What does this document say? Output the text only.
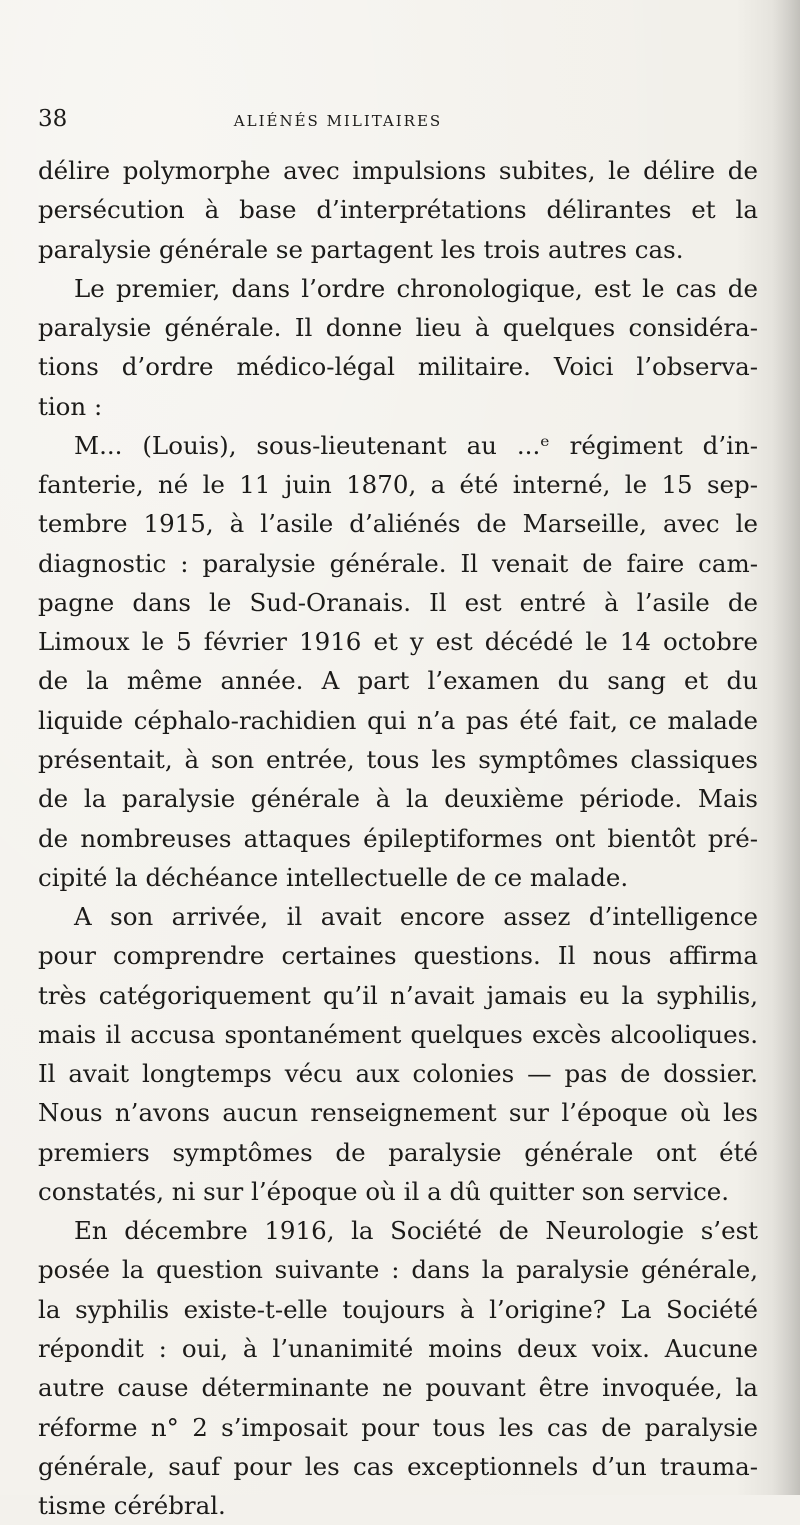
38	ALIÉNÉS MILITAIRES
délire polymorphe avec impulsions subites, le délire de
persécution à base d’interprétations délirantes et la
paralysie générale se partagent les trois autres cas.
Le premier, dans l’ordre chronologique, est le cas de
paralysie générale. Il donne lieu à quelques considéra-
tions d’ordre médico-légal militaire. Voici l’observa-
tion :
M... (Louis), sous-lieutenant au ...ᵉ régiment d’in-
fanterie, né le 11 juin 1870, a été interné, le 15 sep-
tembre 1915, à l’asile d’aliénés de Marseille, avec le
diagnostic : paralysie générale. Il venait de faire cam-
pagne dans le Sud-Oranais. Il est entré à l’asile de
Limoux le 5 février 1916 et y est décédé le 14 octobre
de la même année. A part l’examen du sang et du
liquide céphalo-rachidien qui n’a pas été fait, ce malade
présentait, à son entrée, tous les symptômes classiques
de la paralysie générale à la deuxième période. Mais
de nombreuses attaques épileptiformes ont bientôt pré-
cipité la déchéance intellectuelle de ce malade.
A son arrivée, il avait encore assez d’intelligence
pour comprendre certaines questions. Il nous affirma
très catégoriquement qu’il n’avait jamais eu la syphilis,
mais il accusa spontanément quelques excès alcooliques.
Il avait longtemps vécu aux colonies — pas de dossier.
Nous n’avons aucun renseignement sur l’époque où les
premiers symptômes de paralysie générale ont été
constatés, ni sur l’époque où il a dû quitter son service.
En décembre 1916, la Société de Neurologie s’est
posée la question suivante : dans la paralysie générale,
la syphilis existe-t-elle toujours à l’origine? La Société
répondit : oui, à l’unanimité moins deux voix. Aucune
autre cause déterminante ne pouvant être invoquée, la
réforme n° 2 s’imposait pour tous les cas de paralysie
générale, sauf pour les cas exceptionnels d’un trauma-
tisme cérébral.
